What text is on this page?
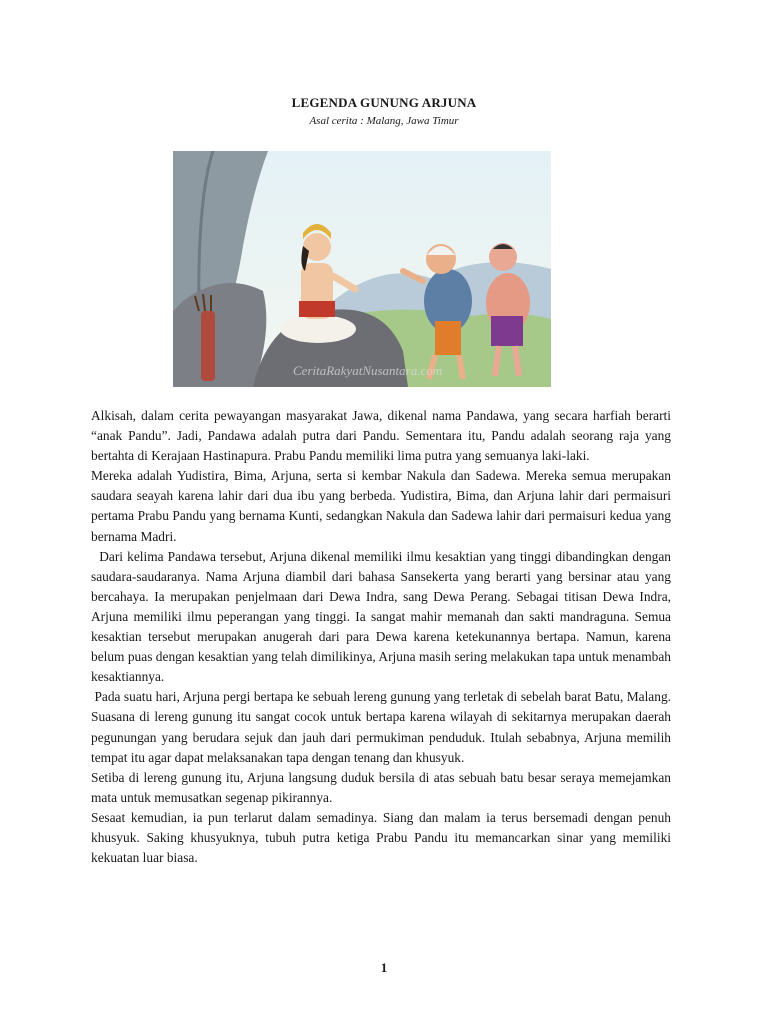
LEGENDA GUNUNG ARJUNA
Asal cerita : Malang, Jawa Timur
CeritaRakyatNusantara.com

Alkisah, dalam cerita pewayangan masyarakat Jawa, dikenal nama Pandawa, yang secara harfiah berarti “anak Pandu”. Jadi, Pandawa adalah putra dari Pandu. Sementara itu, Pandu adalah seorang raja yang bertahta di Kerajaan Hastinapura. Prabu Pandu memiliki lima putra yang semuanya laki-laki.

Mereka adalah Yudistira, Bima, Arjuna, serta si kembar Nakula dan Sadewa. Mereka semua merupakan saudara seayah karena lahir dari dua ibu yang berbeda. Yudistira, Bima, dan Arjuna lahir dari permaisuri pertama Prabu Pandu yang bernama Kunti, sedangkan Nakula dan Sadewa lahir dari permaisuri kedua yang bernama Madri.

Dari kelima Pandawa tersebut, Arjuna dikenal memiliki ilmu kesaktian yang tinggi dibandingkan dengan saudara-saudaranya. Nama Arjuna diambil dari bahasa Sansekerta yang berarti yang bersinar atau yang bercahaya. Ia merupakan penjelmaan dari Dewa Indra, sang Dewa Perang. Sebagai titisan Dewa Indra, Arjuna memiliki ilmu peperangan yang tinggi. Ia sangat mahir memanah dan sakti mandraguna. Semua kesaktian tersebut merupakan anugerah dari para Dewa karena ketekunannya bertapa. Namun, karena belum puas dengan kesaktian yang telah dimilikinya, Arjuna masih sering melakukan tapa untuk menambah kesaktiannya.

Pada suatu hari, Arjuna pergi bertapa ke sebuah lereng gunung yang terletak di sebelah barat Batu, Malang. Suasana di lereng gunung itu sangat cocok untuk bertapa karena wilayah di sekitarnya merupakan daerah pegunungan yang berudara sejuk dan jauh dari permukiman penduduk. Itulah sebabnya, Arjuna memilih tempat itu agar dapat melaksanakan tapa dengan tenang dan khusyuk.

Setiba di lereng gunung itu, Arjuna langsung duduk bersila di atas sebuah batu besar seraya memejamkan mata untuk memusatkan segenap pikirannya.

Sesaat kemudian, ia pun terlarut dalam semadinya. Siang dan malam ia terus bersemadi dengan penuh khusyuk. Saking khusyuknya, tubuh putra ketiga Prabu Pandu itu memancarkan sinar yang memiliki kekuatan luar biasa.

1
